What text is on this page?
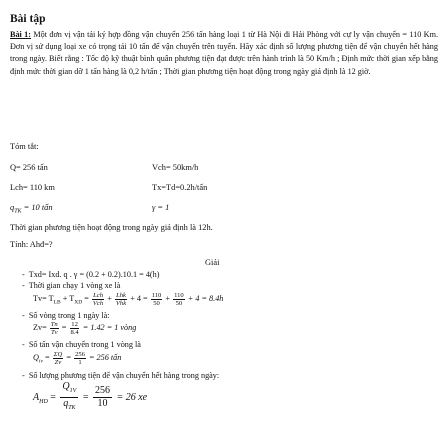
Bài tập
Bài 1: Một đơn vị vận tải ký hợp đồng vận chuyển 256 tấn hàng loại 1 từ Hà Nội đi Hải Phòng với cự ly vận chuyển = 110 Km. Đơn vị sử dụng loại xe có trọng tải 10 tấn để vận chuyển trên tuyến. Hãy xác định số lượng phương tiện để vận chuyển hết hàng trong ngày. Biết rằng : Tốc độ kỹ thuật bình quân phương tiện đạt được trên hành trình là 50 Km/h ; Định mức thời gian xếp bằng định mức thời gian dỡ 1 tấn hàng là 0,2 h/tấn ; Thời gian phương tiện hoạt động trong ngày giá định là 12 giờ.
Tóm tắt:
Q= 256 tấn	Vch= 50km/h
Lch= 110 km	Tx=Td=0.2h/tấn
$q_{TK} = 10$ tấn	γ = 1
Thời gian phương tiện hoạt động trong ngày giả định là 12h.
Tính: Ahđ=?
Giải
-  Txd= Ixd. q . γ = (0.2 + 0.2).10.1 = 4(h)
-  Thời gian chạy 1 vòng xe là
$Tv= T_{LB} + T_{XD} = \frac{\text{Lch}}{\text{Vch}} + \frac{\text{Lhk}}{\text{Vhk}} + 4 = \frac{110}{50} + \frac{110}{50} + 4 = 8.4h$
-  Số vòng trong 1 ngày là:
$Zv= \frac{Tn}{Tv} = \frac{12}{8.4} = 1.42 = 1$ vòng
-  Số tấn vận chuyển trong 1 vòng là
$Q_{iv} = \frac{\Sigma Q}{Zv} = \frac{256}{1} = 256$ tấn
-  Số lượng phương tiện để vận chuyển hết hàng trong ngày:
$A_{HD}$ =
$Q_{1V}$
$q_{TK}$
= $\frac{256}{10} = 26$ xe
